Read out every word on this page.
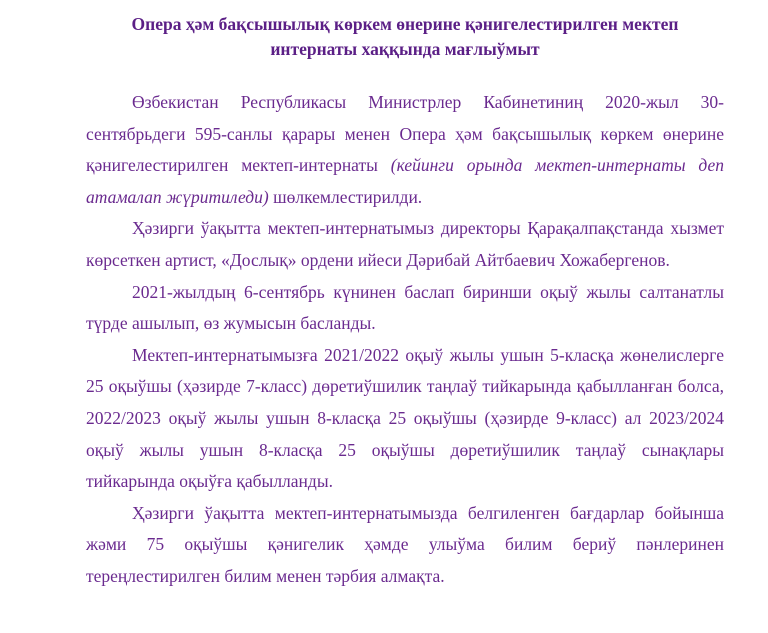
Опера ҳәм бақсышылық көркем өнерине қәнигелестирилген мектеп
интернаты хаққында мағлыўмыт

Өзбекистан Республикасы Министрлер Кабинетиниң 2020-жыл 30-сентябрьдеги 595-санлы қарары менен Опера ҳәм бақсышылық көркем өнерине қәнигелестирилген мектеп-интернаты (кейинги орында мектеп-интернаты деп атамалап жүритиледи) шөлкемлестирилди.

Ҳәзирги ўақытта мектеп-интернатымыз директоры Қарақалпақстанда хызмет көрсеткен артист, «Дослық» ордени ийеси Дәрибай Айтбаевич Хожабергенов.

2021-жылдың 6-сентябрь күнинен баслап биринши оқыў жылы салтанатлы түрде ашылып, өз жумысын басланды.

Мектеп-интернатымызға 2021/2022 оқыў жылы ушын 5-класқа жөнелислерге 25 оқыўшы (ҳәзирде 7-класс) дөретиўшилик таңлаў тийкарында қабылланған болса, 2022/2023 оқыў жылы ушын 8-класқа 25 оқыўшы (ҳәзирде 9-класс) ал 2023/2024 оқыў жылы ушын 8-класқа 25 оқыўшы дөретиўшилик таңлаў сынақлары тийкарында оқыўға қабылланды.

Ҳәзирги ўақытта мектеп-интернатымызда белгиленген бағдарлар бойынша жәми 75 оқыўшы қәнигелик ҳәмде улыўма билим бериў пәнлеринен тереңлестирилген билим менен тәрбия алмақта.
